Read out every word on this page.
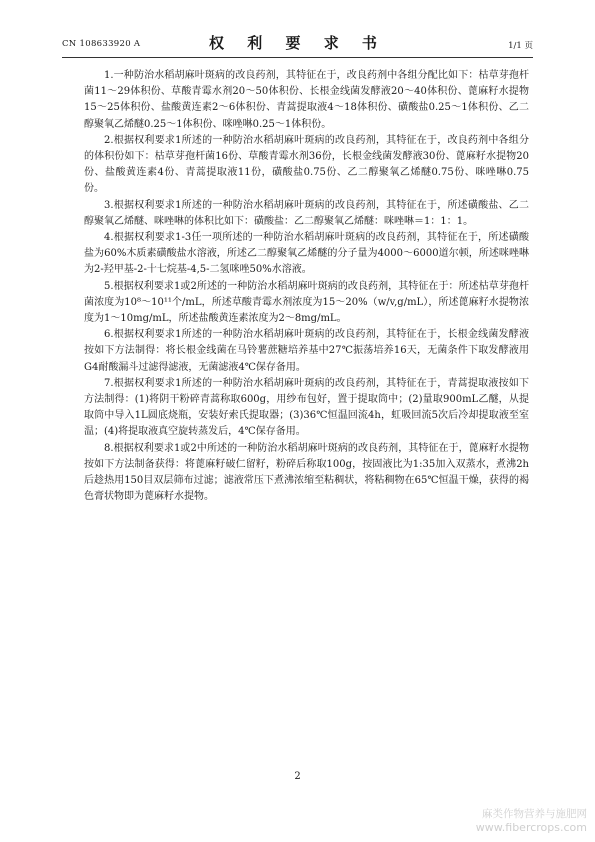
CN 108633920 A	权 利 要 求 书	1/1 页

1.一种防治水稻胡麻叶斑病的改良药剂，其特征在于，改良药剂中各组分配比如下：枯草芽孢杆菌11～29体积份、草酸青霉水剂20～50体积份、长根金线菌发酵液20～40体积份、蓖麻籽水提物15～25体积份、盐酸黄连素2～6体积份、青蒿提取液4～18体积份、磺酸盐0.25～1体积份、乙二醇聚氧乙烯醚0.25～1体积份、咪唑啉0.25～1体积份。

2.根据权利要求1所述的一种防治水稻胡麻叶斑病的改良药剂，其特征在于，改良药剂中各组分的体积份如下：枯草芽孢杆菌16份、草酸青霉水剂36份，长根金线菌发酵液30份、蓖麻籽水提物20份、盐酸黄连素4份、青蒿提取液11份，磺酸盐0.75份、乙二醇聚氧乙烯醚0.75份、咪唑啉0.75份。

3.根据权利要求1所述的一种防治水稻胡麻叶斑病的改良药剂，其特征在于，所述磺酸盐、乙二醇聚氧乙烯醚、咪唑啉的体积比如下：磺酸盐：乙二醇聚氧乙烯醚：咪唑啉＝1：1：1。

4.根据权利要求1-3任一项所述的一种防治水稻胡麻叶斑病的改良药剂，其特征在于，所述磺酸盐为60%木质素磺酸盐水溶液，所述乙二醇聚氧乙烯醚的分子量为4000～6000道尔顿，所述咪唑啉为2-羟甲基-2-十七烷基-4,5-二氢咪唑50%水溶液。

5.根据权利要求1或2所述的一种防治水稻胡麻叶斑病的改良药剂，其特征在于：所述枯草芽孢杆菌浓度为10⁸～10¹¹个/mL，所述草酸青霉水剂浓度为15～20%（w/v,g/mL），所述蓖麻籽水提物浓度为1～10mg/mL，所述盐酸黄连素浓度为2～8mg/mL。

6.根据权利要求1所述的一种防治水稻胡麻叶斑病的改良药剂，其特征在于，长根金线菌发酵液按如下方法制得：将长根金线菌在马铃薯蔗糖培养基中27℃振荡培养16天，无菌条件下取发酵液用G4耐酸漏斗过滤得滤液，无菌滤液4℃保存备用。

7.根据权利要求1所述的一种防治水稻胡麻叶斑病的改良药剂，其特征在于，青蒿提取液按如下方法制得：(1)将阴干粉碎青蒿称取600g，用纱布包好，置于提取筒中；(2)量取900mL乙醚，从提取筒中导入1L圆底烧瓶，安装好索氏提取器；(3)36℃恒温回流4h，虹吸回流5次后冷却提取液至室温；(4)将提取液真空旋转蒸发后，4℃保存备用。

8.根据权利要求1或2中所述的一种防治水稻胡麻叶斑病的改良药剂，其特征在于，蓖麻籽水提物按如下方法制备获得：将蓖麻籽破仁留籽，粉碎后称取100g，按固液比为1:35加入双蒸水，煮沸2h后趁热用150目双层筛布过滤；滤液常压下煮沸浓缩至粘稠状，将粘稠物在65℃恒温干燥，获得的褐色膏状物即为蓖麻籽水提物。

2
麻类作物营养与施肥网
www.fibercrops.com
